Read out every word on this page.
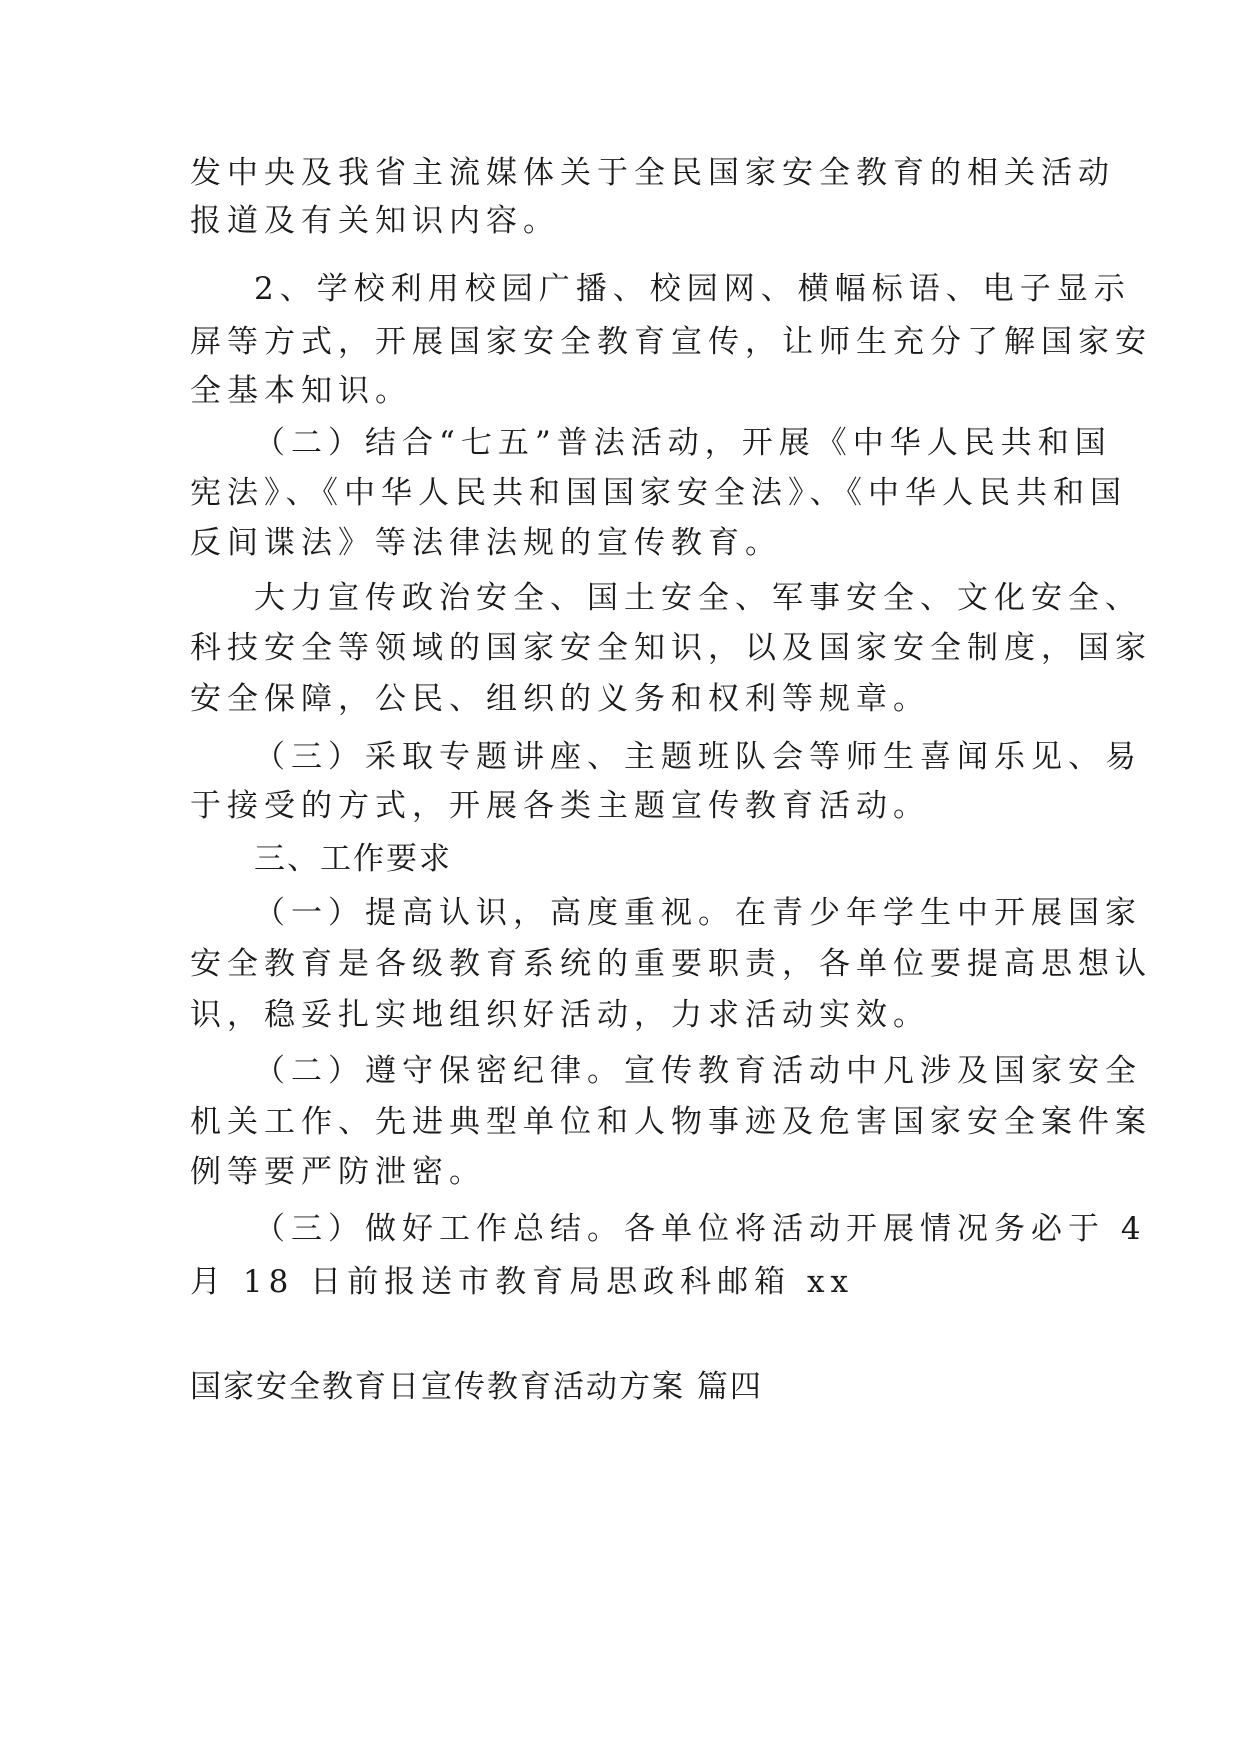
发中央及我省主流媒体关于全民国家安全教育的相关活动
报道及有关知识内容。
2、学校利用校园广播、校园网、横幅标语、电子显示
屏等方式，开展国家安全教育宣传，让师生充分了解国家安
全基本知识。
（二）结合“七五”普法活动，开展《中华人民共和国
宪法》、《中华人民共和国国家安全法》、《中华人民共和国
反间谍法》等法律法规的宣传教育。
大力宣传政治安全、国土安全、军事安全、文化安全、
科技安全等领域的国家安全知识，以及国家安全制度，国家
安全保障，公民、组织的义务和权利等规章。
（三）采取专题讲座、主题班队会等师生喜闻乐见、易
于接受的方式，开展各类主题宣传教育活动。
三、工作要求
（一）提高认识，高度重视。在青少年学生中开展国家
安全教育是各级教育系统的重要职责，各单位要提高思想认
识，稳妥扎实地组织好活动，力求活动实效。
（二）遵守保密纪律。宣传教育活动中凡涉及国家安全
机关工作、先进典型单位和人物事迹及危害国家安全案件案
例等要严防泄密。
（三）做好工作总结。各单位将活动开展情况务必于 4
月 18 日前报送市教育局思政科邮箱 xx
国家安全教育日宣传教育活动方案 篇四
